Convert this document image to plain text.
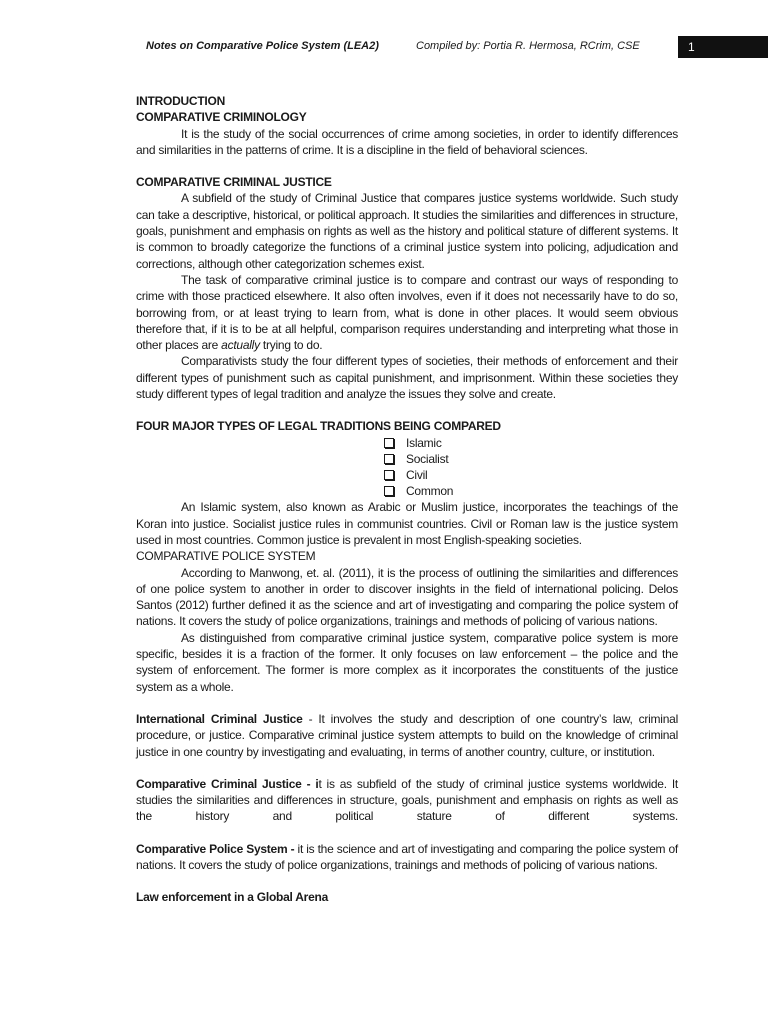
Notes on Comparative Police System (LEA2)	Compiled by: Portia R. Hermosa, RCrim, CSE	1
INTRODUCTION
COMPARATIVE CRIMINOLOGY

It is the study of the social occurrences of crime among societies, in order to identify differences and similarities in the patterns of crime. It is a discipline in the field of behavioral sciences.

COMPARATIVE CRIMINAL JUSTICE

A subfield of the study of Criminal Justice that compares justice systems worldwide. Such study can take a descriptive, historical, or political approach. It studies the similarities and differences in structure, goals, punishment and emphasis on rights as well as the history and political stature of different systems. It is common to broadly categorize the functions of a criminal justice system into policing, adjudication and corrections, although other categorization schemes exist.

The task of comparative criminal justice is to compare and contrast our ways of responding to crime with those practiced elsewhere. It also often involves, even if it does not necessarily have to do so, borrowing from, or at least trying to learn from, what is done in other places. It would seem obvious therefore that, if it is to be at all helpful, comparison requires understanding and interpreting what those in other places are actually trying to do.

Comparativists study the four different types of societies, their methods of enforcement and their different types of punishment such as capital punishment, and imprisonment. Within these societies they study different types of legal tradition and analyze the issues they solve and create.

FOUR MAJOR TYPES OF LEGAL TRADITIONS BEING COMPARED
Islamic
Socialist
Civil
Common

An Islamic system, also known as Arabic or Muslim justice, incorporates the teachings of the Koran into justice. Socialist justice rules in communist countries. Civil or Roman law is the justice system used in most countries. Common justice is prevalent in most English-speaking societies.

COMPARATIVE POLICE SYSTEM

According to Manwong, et. al. (2011), it is the process of outlining the similarities and differences of one police system to another in order to discover insights in the field of international policing. Delos Santos (2012) further defined it as the science and art of investigating and comparing the police system of nations. It covers the study of police organizations, trainings and methods of policing of various nations.

As distinguished from comparative criminal justice system, comparative police system is more specific, besides it is a fraction of the former. It only focuses on law enforcement – the police and the system of enforcement. The former is more complex as it incorporates the constituents of the justice system as a whole.

International Criminal Justice - It involves the study and description of one country’s law, criminal procedure, or justice. Comparative criminal justice system attempts to build on the knowledge of criminal justice in one country by investigating and evaluating, in terms of another country, culture, or institution.

Comparative Criminal Justice - it is as subfield of the study of criminal justice systems worldwide. It studies the similarities and differences in structure, goals, punishment and emphasis on rights as well as the history and political stature of different systems.

Comparative Police System - it is the science and art of investigating and comparing the police system of nations. It covers the study of police organizations, trainings and methods of policing of various nations.

Law enforcement in a Global Arena
